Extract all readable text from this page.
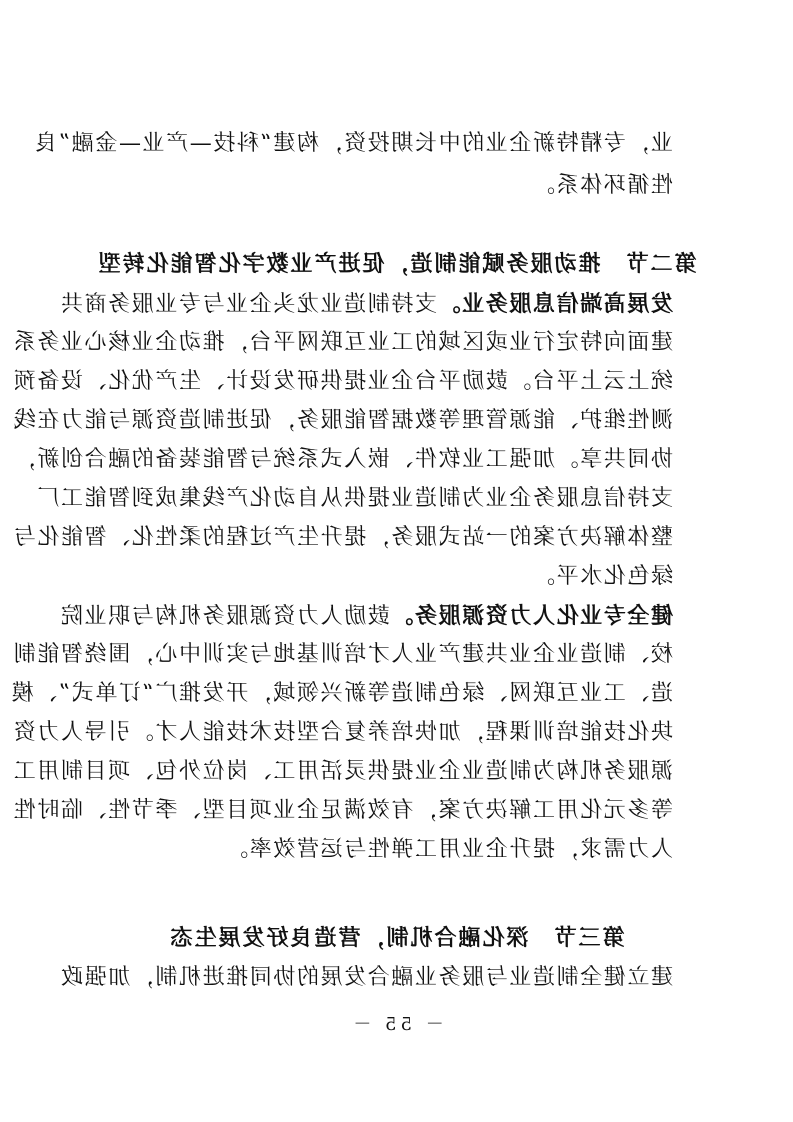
业，专精特新企业的中长期投资，构建“科技—产业—金融”良
性循环体系。
第二节　推动服务赋能制造，促进产业数字化智能化转型
发展高端信息服务业。支持制造业龙头企业与专业服务商共
建面向特定行业或区域的工业互联网平台，推动企业核心业务系
统上云上平台。鼓励平台企业提供研发设计、生产优化、设备预
测性维护、能源管理等数据智能服务，促进制造资源与能力在线
协同共享。加强工业软件、嵌入式系统与智能装备的融合创新，
支持信息服务企业为制造业提供从自动化产线集成到智能工厂
整体解决方案的一站式服务，提升生产过程的柔性化、智能化与
绿色化水平。
健全专业化人力资源服务。鼓励人力资源服务机构与职业院
校、制造业企业共建产业人才培训基地与实训中心，围绕智能制
造、工业互联网、绿色制造等新兴领域，开发推广“订单式”、模
块化技能培训课程，加快培养复合型技术技能人才。引导人力资
源服务机构为制造业企业提供灵活用工、岗位外包、项目制用工
等多元化用工解决方案，有效满足企业项目型、季节性、临时性
人力需求，提升企业用工弹性与运营效率。
第三节　深化融合机制，营造良好发展生态
建立健全制造业与服务业融合发展的协同推进机制，加强政
－ 55 －
